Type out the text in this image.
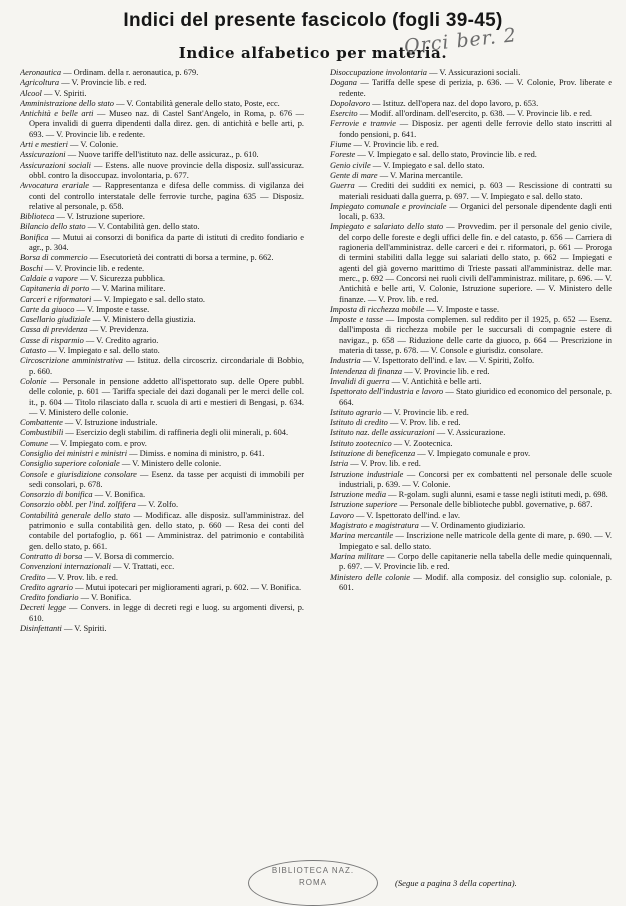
Indici del presente fascicolo (fogli 39-45)
Indice alfabetico per materia.
Orci ber. 2

Aeronautica — Ordinam. della r. aeronautica, p. 679.

Agricoltura — V. Provincie lib. e red.

Alcool — V. Spiriti.

Amministrazione dello stato — V. Contabilità generale dello stato, Poste, ecc.

Antichità e belle arti — Museo naz. di Castel Sant'Angelo, in Roma, p. 676 — Opera invalidi di guerra dipendenti dalla direz. gen. di antichità e belle arti, p. 693. — V. Provincie lib. e redente.

Arti e mestieri — V. Colonie.

Assicurazioni — Nuove tariffe dell'istituto naz. delle assicuraz., p. 610.

Assicurazioni sociali — Estens. alle nuove provincie della disposiz. sull'assicuraz. obbl. contro la disoccupaz. involontaria, p. 677.

Avvocatura erariale — Rappresentanza e difesa delle commiss. di vigilanza dei conti del controllo interstatale delle ferrovie turche, pagina 635 — Disposiz. relative al personale, p. 658.

Biblioteca — V. Istruzione superiore.

Bilancio dello stato — V. Contabilità gen. dello stato.

Bonifica — Mutui ai consorzi di bonifica da parte di istituti di credito fondiario e agr., p. 304.

Borsa di commercio — Esecutorietà dei contratti di borsa a termine, p. 662.

Boschi — V. Provincie lib. e redente.

Caldaie a vapore — V. Sicurezza pubblica.

Capitaneria di porto — V. Marina militare.

Carceri e riformatori — V. Impiegato e sal. dello stato.

Carte da giuoco — V. Imposte e tasse.

Casellario giudiziale — V. Ministero della giustizia.

Cassa di previdenza — V. Previdenza.

Casse di risparmio — V. Credito agrario.

Catasto — V. Impiegato e sal. dello stato.

Circoscrizione amministrativa — Istituz. della circoscriz. circondariale di Bobbio, p. 660.

Colonie — Personale in pensione addetto all'ispettorato sup. delle Opere pubbl. delle colonie, p. 601 — Tariffa speciale dei dazi doganali per le merci delle col. it., p. 604 — Titolo rilasciato dalla r. scuola di arti e mestieri di Bengasi, p. 634. — V. Ministero delle colonie.

Combattente — V. Istruzione industriale.

Combustibili — Esercizio degli stabilim. di raffineria degli olii minerali, p. 604.

Comune — V. Impiegato com. e prov.

Consiglio dei ministri e ministri — Dimiss. e nomina di ministro, p. 641.

Consiglio superiore coloniale — V. Ministero delle colonie.

Console e giurisdizione consolare — Esenz. da tasse per acquisti di immobili per sedi consolari, p. 678.

Consorzio di bonifica — V. Bonifica.

Consorzio obbl. per l'ind. zolfifera — V. Zolfo.

Contabilità generale dello stato — Modificaz. alle disposiz. sull'amministraz. del patrimonio e sulla contabilità gen. dello stato, p. 660 — Resa dei conti del contabile del portafoglio, p. 661 — Amministraz. del patrimonio e contabilità gen. dello stato, p. 661.

Contratto di borsa — V. Borsa di commercio.

Convenzioni internazionali — V. Trattati, ecc.

Credito — V. Prov. lib. e red.

Credito agrario — Mutui ipotecari per miglioramenti agrari, p. 602. — V. Bonifica.

Credito fondiario — V. Bonifica.

Decreti legge — Convers. in legge di decreti regi e luog. su argomenti diversi, p. 610.

Disinfettanti — V. Spiriti.

Disoccupazione involontaria — V. Assicurazioni sociali.

Dogana — Tariffa delle spese di perizia, p. 636. — V. Colonie, Prov. liberate e redente.

Dopolavoro — Istituz. dell'opera naz. del dopo lavoro, p. 653.

Esercito — Modif. all'ordinam. dell'esercito, p. 638. — V. Provincie lib. e red.

Ferrovie e tramvie — Disposiz. per agenti delle ferrovie dello stato inscritti al fondo pensioni, p. 641.

Fiume — V. Provincie lib. e red.

Foreste — V. Impiegato e sal. dello stato, Provincie lib. e red.

Genio civile — V. Impiegato e sal. dello stato.

Gente di mare — V. Marina mercantile.

Guerra — Crediti dei sudditi ex nemici, p. 603 — Rescissione di contratti su materiali residuati dalla guerra, p. 697. — V. Impiegato e sal. dello stato.

Impiegato comunale e provinciale — Organici del personale dipendente dagli enti locali, p. 633.

Impiegato e salariato dello stato — Provvedim. per il personale del genio civile, del corpo delle foreste e degli uffici delle fin. e del catasto, p. 656 — Carriera di ragioneria dell'amministraz. delle carceri e dei r. riformatori, p. 661 — Proroga di termini stabiliti dalla legge sui salariati dello stato, p. 662 — Impiegati e agenti del già governo marittimo di Trieste passati all'amministraz. delle mar. merc., p. 692 — Concorsi nei ruoli civili dell'amministraz. militare, p. 696. — V. Antichità e belle arti, V. Colonie, Istruzione superiore. — V. Ministero delle finanze. — V. Prov. lib. e red.

Imposta di ricchezza mobile — V. Imposte e tasse.

Imposte e tasse — Imposta complemen. sul reddito per il 1925, p. 652 — Esenz. dall'imposta di ricchezza mobile per le succursali di compagnie estere di navigaz., p. 658 — Riduzione delle carte da giuoco, p. 664 — Prescrizione in materia di tasse, p. 678. — V. Console e giurisdiz. consolare.

Industria — V. Ispettorato dell'ind. e lav. — V. Spiriti, Zolfo.

Intendenza di finanza — V. Provincie lib. e red.

Invalidi di guerra — V. Antichità e belle arti.

Ispettorato dell'industria e lavoro — Stato giuridico ed economico del personale, p. 664.

Istituto agrario — V. Provincie lib. e red.

Istituto di credito — V. Prov. lib. e red.

Istituto naz. delle assicurazioni — V. Assicurazione.

Istituto zootecnico — V. Zootecnica.

Istituzione di beneficenza — V. Impiegato comunale e prov.

Istria — V. Prov. lib. e red.

Istruzione industriale — Concorsi per ex combattenti nel personale delle scuole industriali, p. 639. — V. Colonie.

Istruzione media — R-golam. sugli alunni, esami e tasse negli istituti medi, p. 698.

Istruzione superiore — Personale delle biblioteche pubbl. governative, p. 687.

Lavoro — V. Ispettorato dell'ind. e lav.

Magistrato e magistratura — V. Ordinamento giudiziario.

Marina mercantile — Inscrizione nelle matricole della gente di mare, p. 690. — V. Impiegato e sal. dello stato.

Marina militare — Corpo delle capitanerie nella tabella delle medie quinquennali, p. 697. — V. Provincie lib. e red.

Ministero delle colonie — Modif. alla composiz. del consiglio sup. coloniale, p. 601.

BIBLIOTECA NAZ.
ROMA	(Segue a pagina 3 della copertina).
